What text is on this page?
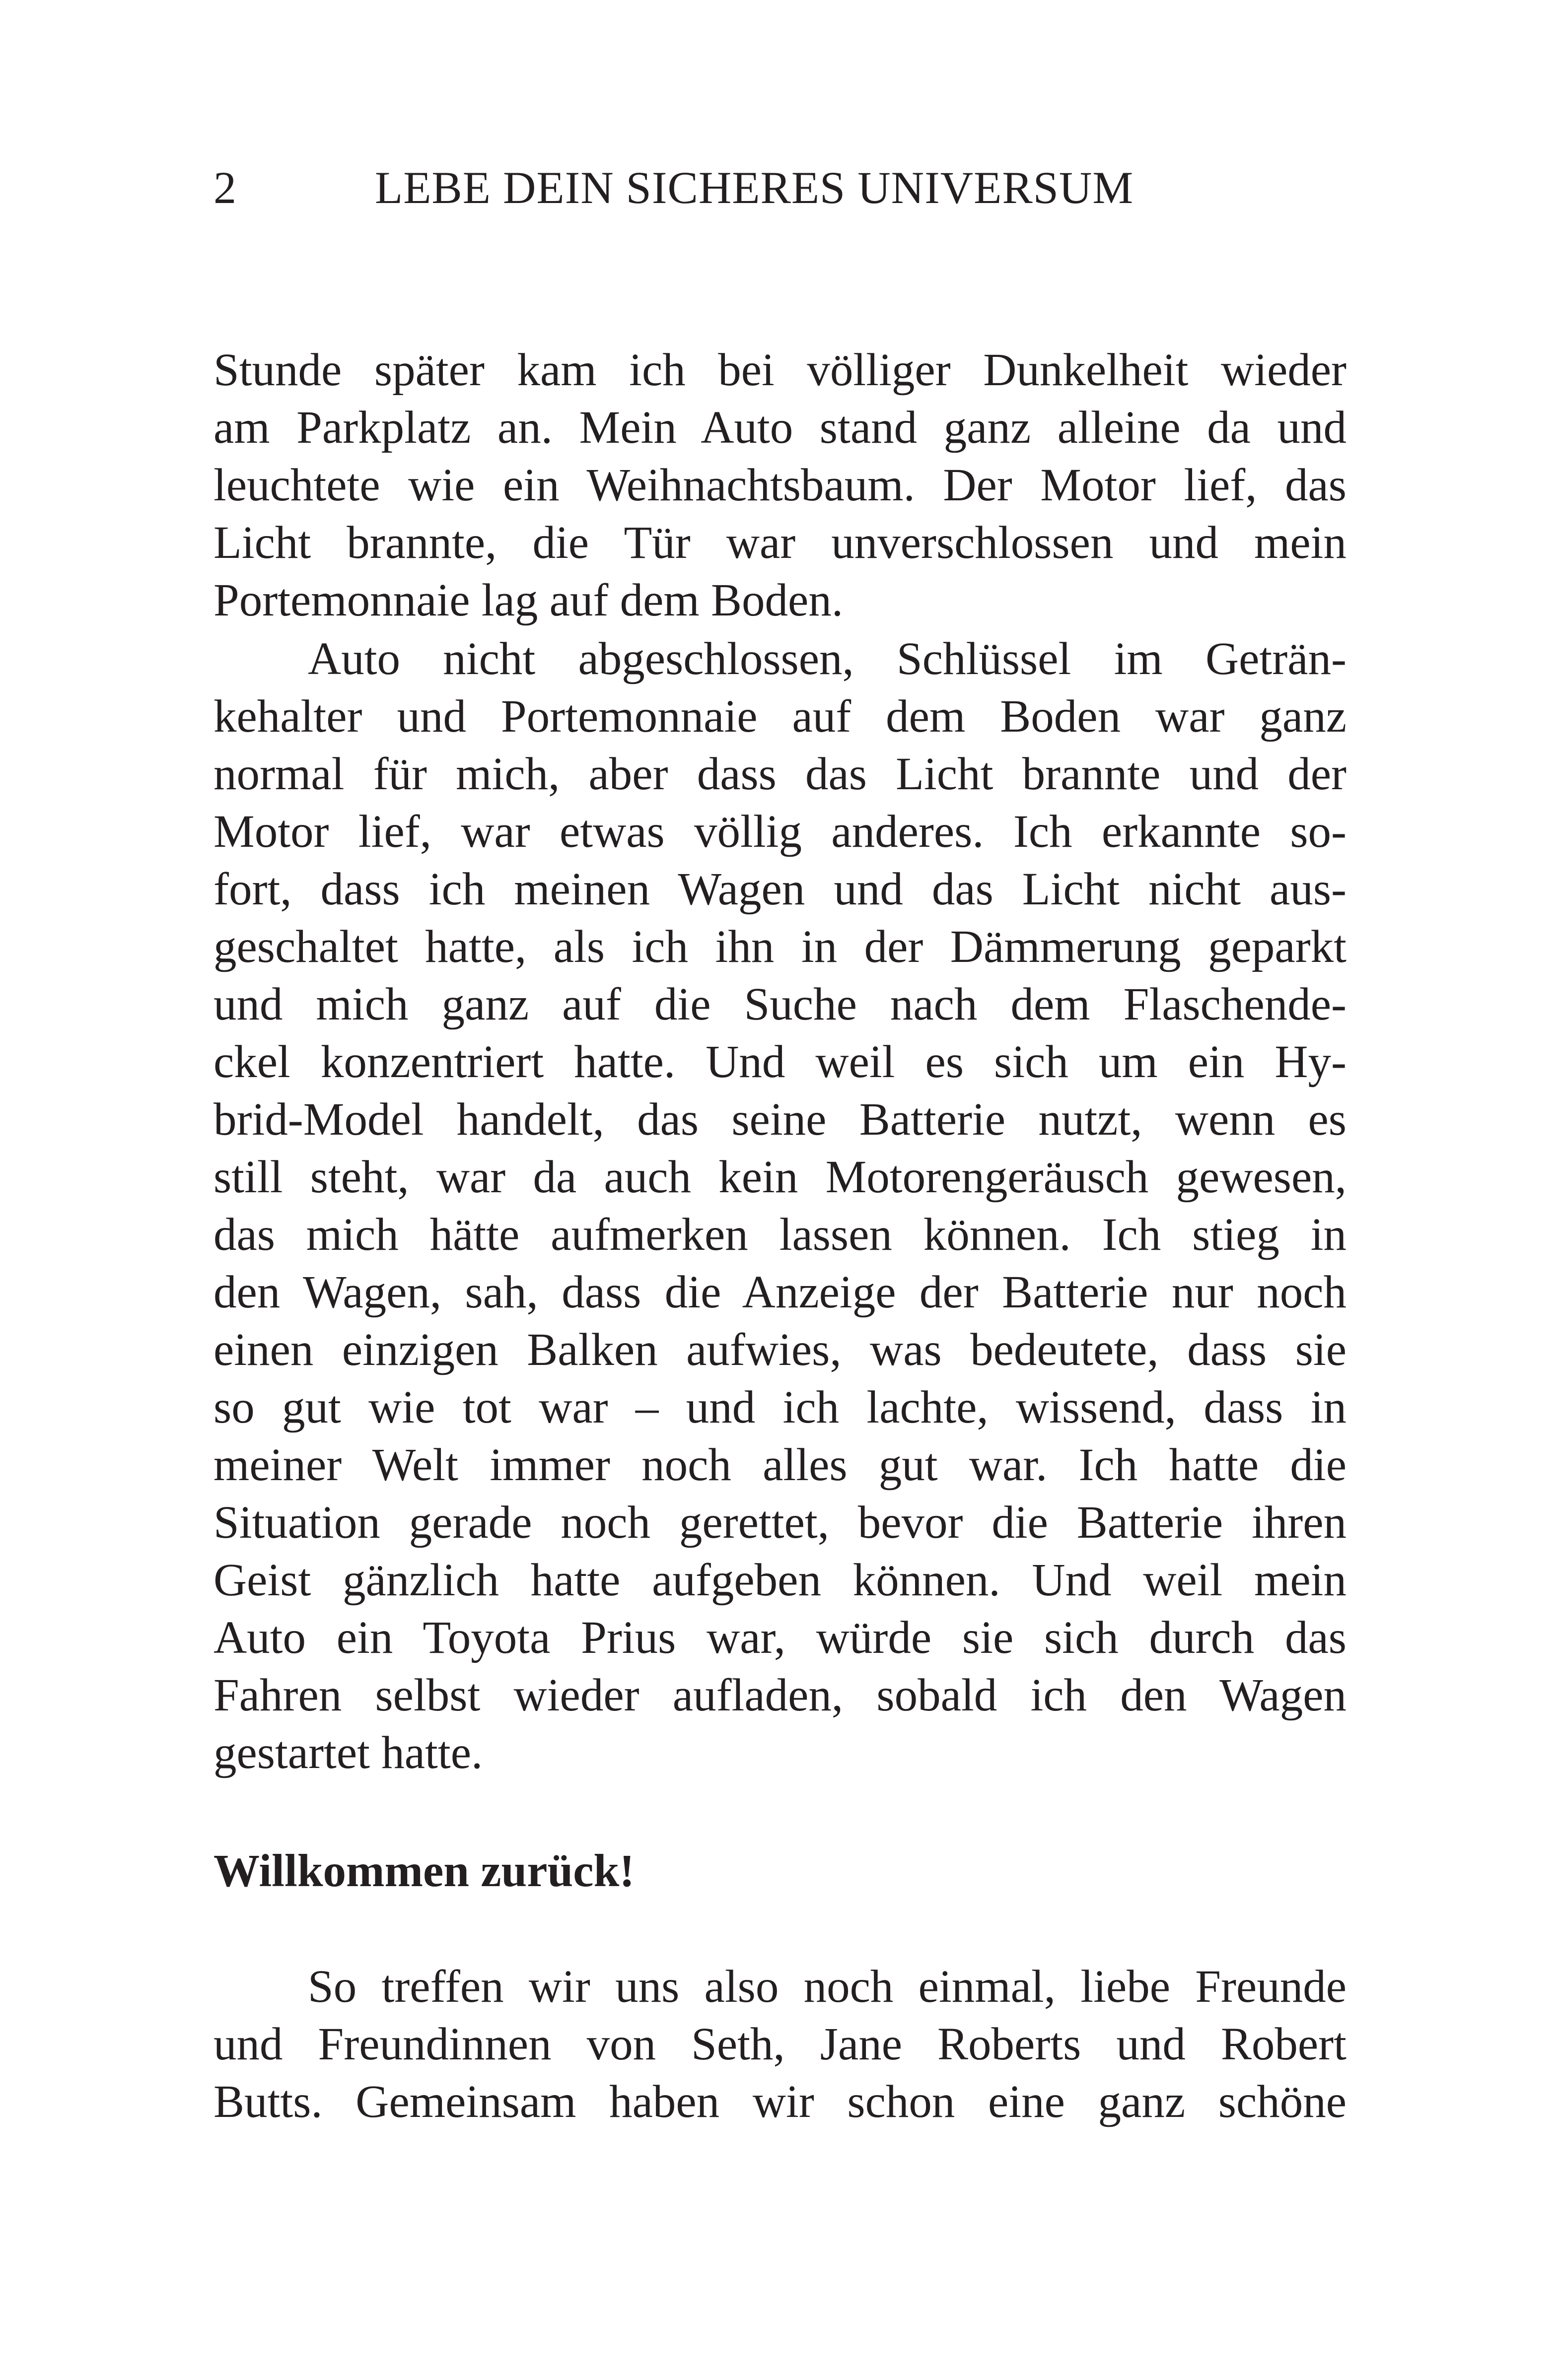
2	LEBE DEIN SICHERES UNIVERSUM
Stunde später kam ich bei völliger Dunkelheit wieder
am Parkplatz an. Mein Auto stand ganz alleine da und
leuchtete wie ein Weihnachtsbaum. Der Motor lief, das
Licht brannte, die Tür war unverschlossen und mein
Portemonnaie lag auf dem Boden.
Auto nicht abgeschlossen, Schlüssel im Geträn-
kehalter und Portemonnaie auf dem Boden war ganz
normal für mich, aber dass das Licht brannte und der
Motor lief, war etwas völlig anderes. Ich erkannte so-
fort, dass ich meinen Wagen und das Licht nicht aus-
geschaltet hatte, als ich ihn in der Dämmerung geparkt
und mich ganz auf die Suche nach dem Flaschende-
ckel konzentriert hatte. Und weil es sich um ein Hy-
brid-Model handelt, das seine Batterie nutzt, wenn es
still steht, war da auch kein Motorengeräusch gewesen,
das mich hätte aufmerken lassen können. Ich stieg in
den Wagen, sah, dass die Anzeige der Batterie nur noch
einen einzigen Balken aufwies, was bedeutete, dass sie
so gut wie tot war – und ich lachte, wissend, dass in
meiner Welt immer noch alles gut war. Ich hatte die
Situation gerade noch gerettet, bevor die Batterie ihren
Geist gänzlich hatte aufgeben können. Und weil mein
Auto ein Toyota Prius war, würde sie sich durch das
Fahren selbst wieder aufladen, sobald ich den Wagen
gestartet hatte.
Willkommen zurück!
So treffen wir uns also noch einmal, liebe Freunde
und Freundinnen von Seth, Jane Roberts und Robert
Butts. Gemeinsam haben wir schon eine ganz schöne
